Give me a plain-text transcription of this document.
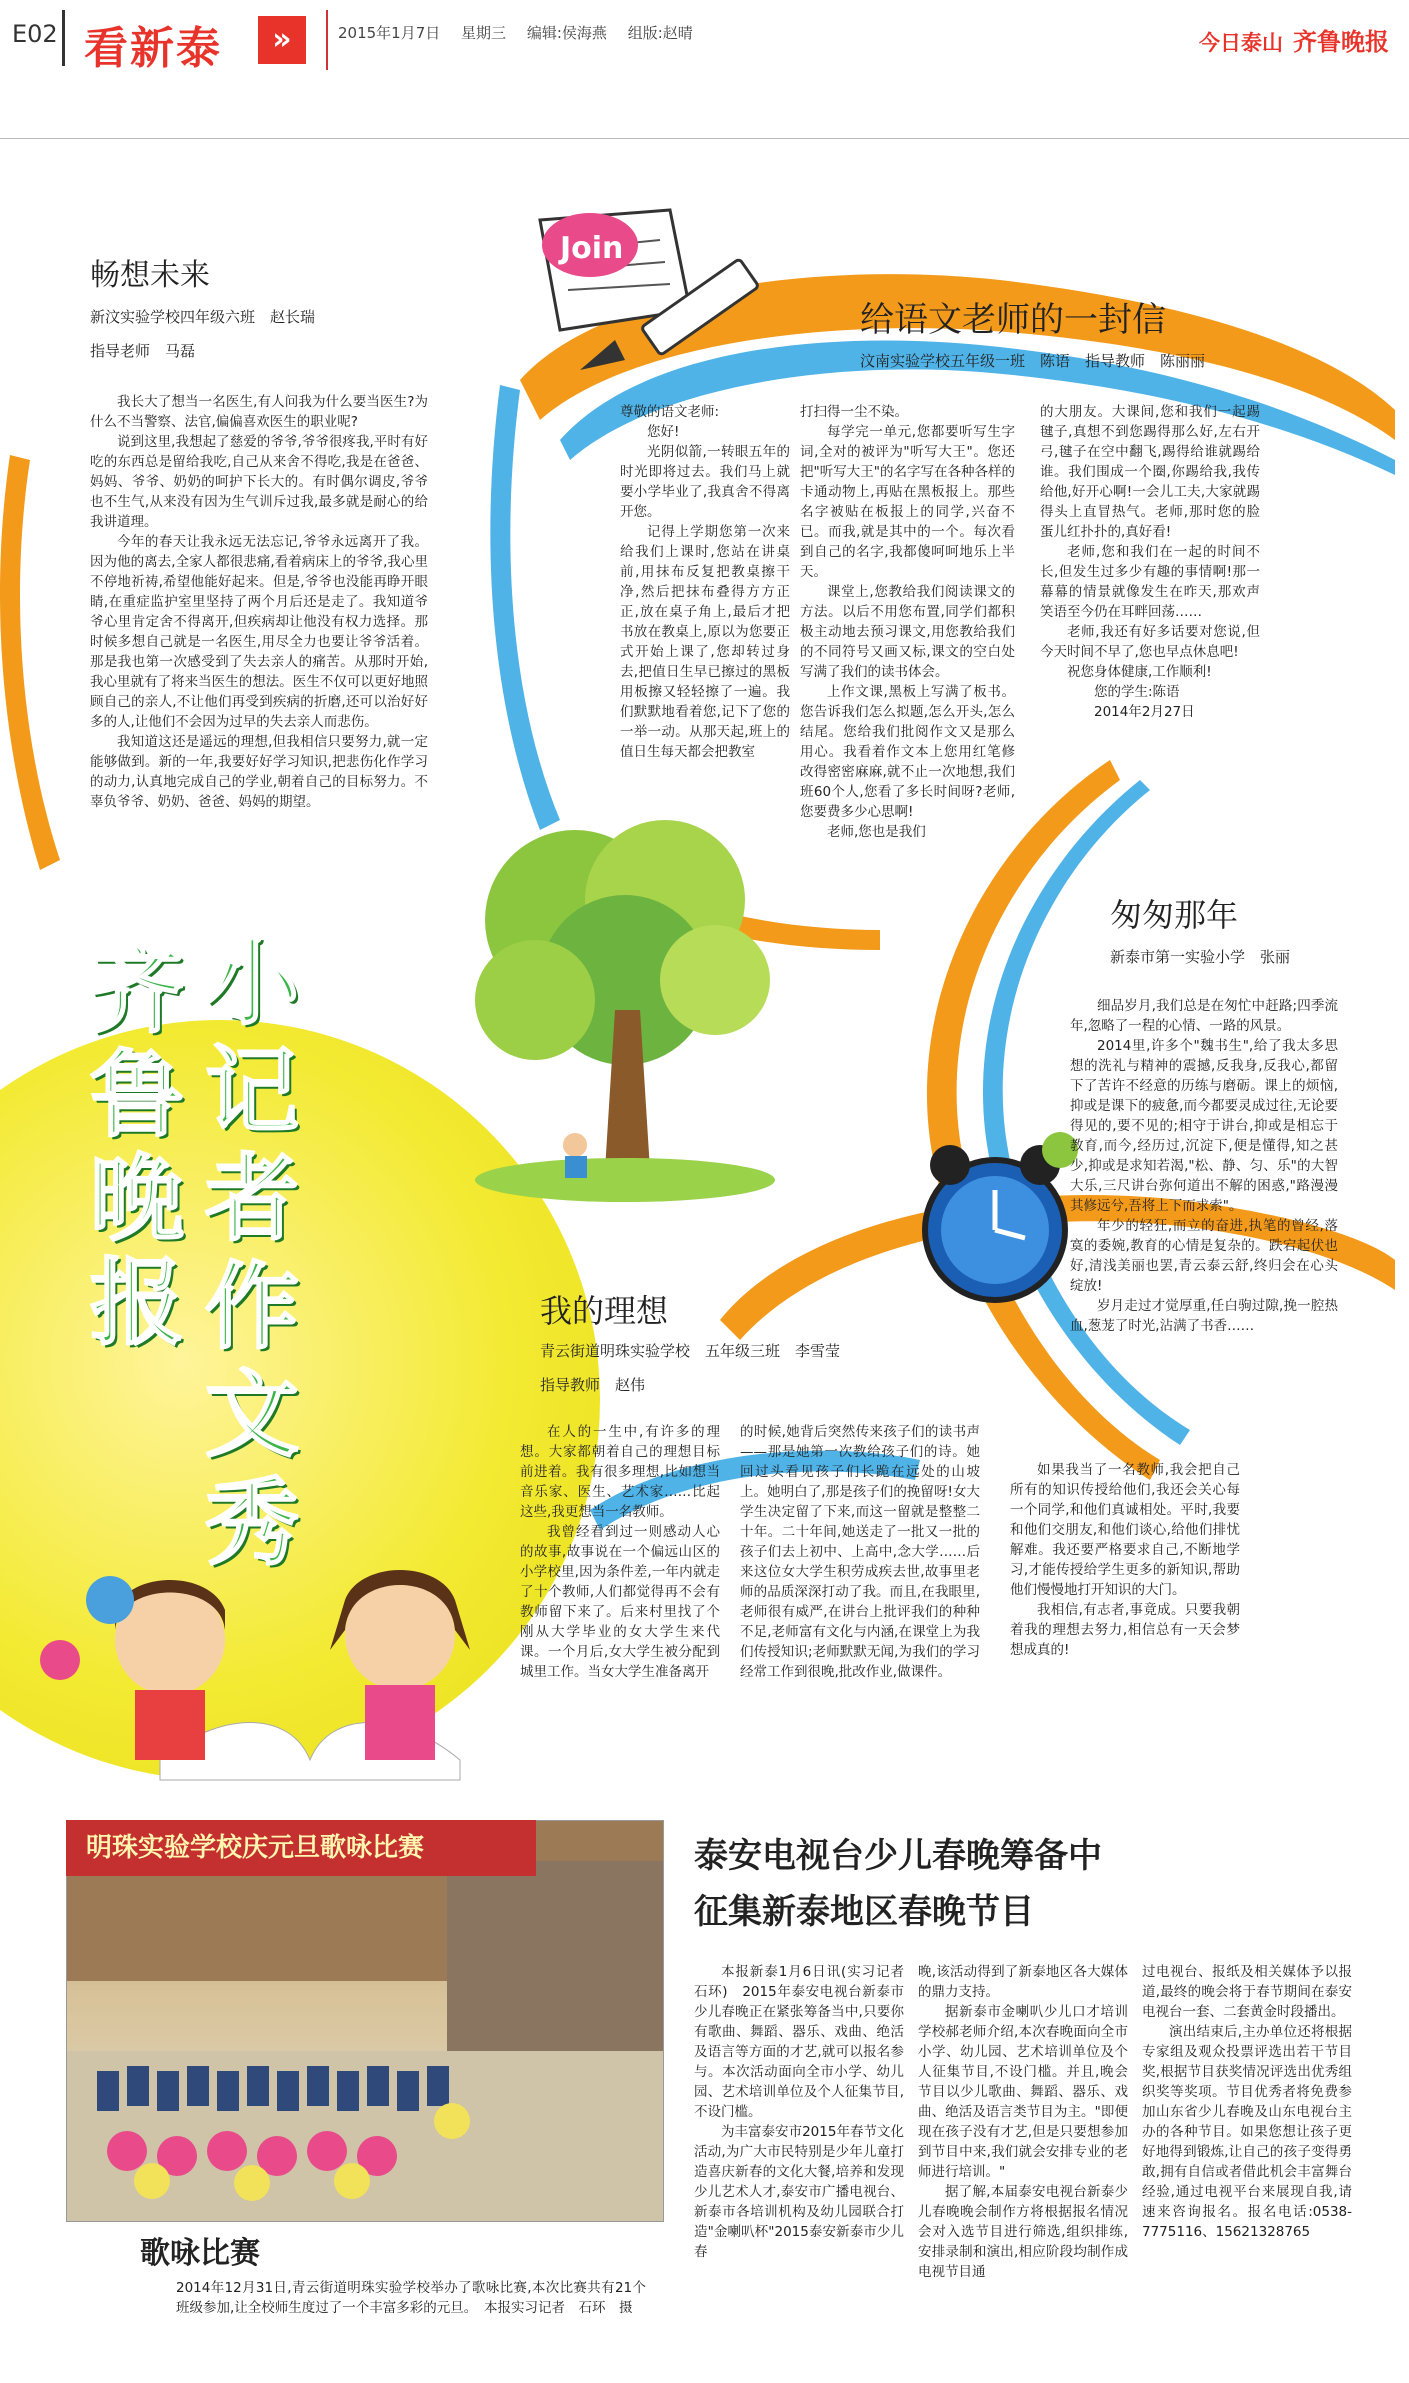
E02 看新泰	»	2015年1月7日 星期三 编辑:侯海燕 组版:赵晴	今日泰山 齐鲁晚报
Join
齐
鲁
晚
报
小
记
者
作
文
秀
畅想未来
新汶实验学校四年级六班　赵长瑞
指导老师　马磊

我长大了想当一名医生,有人问我为什么要当医生?为什么不当警察、法官,偏偏喜欢医生的职业呢?

说到这里,我想起了慈爱的爷爷,爷爷很疼我,平时有好吃的东西总是留给我吃,自己从来舍不得吃,我是在爸爸、妈妈、爷爷、奶奶的呵护下长大的。有时偶尔调皮,爷爷也不生气,从来没有因为生气训斥过我,最多就是耐心的给我讲道理。

今年的春天让我永远无法忘记,爷爷永远离开了我。因为他的离去,全家人都很悲痛,看着病床上的爷爷,我心里不停地祈祷,希望他能好起来。但是,爷爷也没能再睁开眼睛,在重症监护室里坚持了两个月后还是走了。我知道爷爷心里肯定舍不得离开,但疾病却让他没有权力选择。那时候多想自己就是一名医生,用尽全力也要让爷爷活着。那是我也第一次感受到了失去亲人的痛苦。从那时开始,我心里就有了将来当医生的想法。医生不仅可以更好地照顾自己的亲人,不让他们再受到疾病的折磨,还可以治好好多的人,让他们不会因为过早的失去亲人而悲伤。

我知道这还是遥远的理想,但我相信只要努力,就一定能够做到。新的一年,我要好好学习知识,把悲伤化作学习的动力,认真地完成自己的学业,朝着自己的目标努力。不辜负爷爷、奶奶、爸爸、妈妈的期望。

给语文老师的一封信
汶南实验学校五年级一班　陈语　指导教师　陈丽丽

尊敬的语文老师:

您好!

光阴似箭,一转眼五年的时光即将过去。我们马上就要小学毕业了,我真舍不得离开您。

记得上学期您第一次来给我们上课时,您站在讲桌前,用抹布反复把教桌擦干净,然后把抹布叠得方方正正,放在桌子角上,最后才把书放在教桌上,原以为您要正式开始上课了,您却转过身去,把值日生早已擦过的黑板用板擦又轻轻擦了一遍。我们默默地看着您,记下了您的一举一动。从那天起,班上的值日生每天都会把教室

打扫得一尘不染。

每学完一单元,您都要听写生字词,全对的被评为"听写大王"。您还把"听写大王"的名字写在各种各样的卡通动物上,再贴在黑板报上。那些名字被贴在板报上的同学,兴奋不已。而我,就是其中的一个。每次看到自己的名字,我都傻呵呵地乐上半天。

课堂上,您教给我们阅读课文的方法。以后不用您布置,同学们都积极主动地去预习课文,用您教给我们的不同符号又画又标,课文的空白处写满了我们的读书体会。

上作文课,黑板上写满了板书。您告诉我们怎么拟题,怎么开头,怎么结尾。您给我们批阅作文又是那么用心。我看着作文本上您用红笔修改得密密麻麻,就不止一次地想,我们班60个人,您看了多长时间呀?老师,您要费多少心思啊!

老师,您也是我们

的大朋友。大课间,您和我们一起踢毽子,真想不到您踢得那么好,左右开弓,毽子在空中翻飞,踢得给谁就踢给谁。我们围成一个圈,你踢给我,我传给他,好开心啊!一会儿工夫,大家就踢得头上直冒热气。老师,那时您的脸蛋儿红扑扑的,真好看!

老师,您和我们在一起的时间不长,但发生过多少有趣的事情啊!那一幕幕的情景就像发生在昨天,那欢声笑语至今仍在耳畔回荡……

老师,我还有好多话要对您说,但今天时间不早了,您也早点休息吧!

祝您身体健康,工作顺利!

您的学生:陈语

2014年2月27日

匆匆那年
新泰市第一实验小学　张丽

细品岁月,我们总是在匆忙中赶路;四季流年,忽略了一程的心情、一路的风景。

2014里,许多个"魏书生",给了我太多思想的洗礼与精神的震撼,反我身,反我心,都留下了苦许不经意的历练与磨砺。课上的烦恼,抑或是课下的疲惫,而今都要灵成过往,无论要得见的,要不见的;相守于讲台,抑或是相忘于教育,而今,经历过,沉淀下,便是懂得,知之甚少,抑或是求知若渴,"松、静、匀、乐"的大智大乐,三尺讲台弥何道出不解的困惑,"路漫漫其修远兮,吾将上下而求索"。

年少的轻狂,而立的奋进,执笔的曾经,落寞的委婉,教育的心情是复杂的。跌宕起伏也好,清浅美丽也罢,青云泰云舒,终归会在心头绽放!

岁月走过才觉厚重,任白驹过隙,挽一腔热血,葱茏了时光,沾满了书香……

我的理想
青云街道明珠实验学校　五年级三班　李雪莹
指导教师　赵伟

在人的一生中,有许多的理想。大家都朝着自己的理想目标前进着。我有很多理想,比如想当音乐家、医生、艺术家……比起这些,我更想当一名教师。

我曾经看到过一则感动人心的故事,故事说在一个偏远山区的小学校里,因为条件差,一年内就走了十个教师,人们都觉得再不会有教师留下来了。后来村里找了个刚从大学毕业的女大学生来代课。一个月后,女大学生被分配到城里工作。当女大学生准备离开

的时候,她背后突然传来孩子们的读书声——那是她第一次教给孩子们的诗。她回过头看见孩子们长跪在远处的山坡上。她明白了,那是孩子们的挽留呀!女大学生决定留了下来,而这一留就是整整二十年。二十年间,她送走了一批又一批的孩子们去上初中、上高中,念大学……后来这位女大学生积劳成疾去世,故事里老师的品质深深打动了我。而且,在我眼里,老师很有威严,在讲台上批评我们的种种不足,老师富有文化与内涵,在课堂上为我们传授知识;老师默默无闻,为我们的学习经常工作到很晚,批改作业,做课件。

如果我当了一名教师,我会把自己所有的知识传授给他们,我还会关心每一个同学,和他们真诚相处。平时,我要和他们交朋友,和他们谈心,给他们排忧解难。我还要严格要求自己,不断地学习,才能传授给学生更多的新知识,帮助他们慢慢地打开知识的大门。

我相信,有志者,事竟成。只要我朝着我的理想去努力,相信总有一天会梦想成真的!

明珠实验学校庆元旦歌咏比赛
歌咏比赛
2014年12月31日,青云街道明珠实验学校举办了歌咏比赛,本次比赛共有21个班级参加,让全校师生度过了一个丰富多彩的元旦。　本报实习记者　石环　摄
泰安电视台少儿春晚筹备中
征集新泰地区春晚节目

本报新泰1月6日讯(实习记者　石环)　2015年泰安电视台新泰市少儿春晚正在紧张筹备当中,只要你有歌曲、舞蹈、器乐、戏曲、绝活及语言等方面的才艺,就可以报名参与。本次活动面向全市小学、幼儿园、艺术培训单位及个人征集节目,不设门槛。

为丰富泰安市2015年春节文化活动,为广大市民特别是少年儿童打造喜庆新春的文化大餐,培养和发现少儿艺术人才,泰安市广播电视台、新泰市各培训机构及幼儿园联合打造"金喇叭杯"2015泰安新泰市少儿春

晚,该活动得到了新泰地区各大媒体的鼎力支持。

据新泰市金喇叭少儿口才培训学校郝老师介绍,本次春晚面向全市小学、幼儿园、艺术培训单位及个人征集节目,不设门槛。并且,晚会节目以少儿歌曲、舞蹈、器乐、戏曲、绝活及语言类节目为主。"即便现在孩子没有才艺,但是只要想参加到节目中来,我们就会安排专业的老师进行培训。"

据了解,本届泰安电视台新泰少儿春晚晚会制作方将根据报名情况会对入选节目进行筛选,组织排练,安排录制和演出,相应阶段均制作成电视节目通

过电视台、报纸及相关媒体予以报道,最终的晚会将于春节期间在泰安电视台一套、二套黄金时段播出。

演出结束后,主办单位还将根据专家组及观众投票评选出若干节目奖,根据节目获奖情况评选出优秀组织奖等奖项。节目优秀者将免费参加山东省少儿春晚及山东电视台主办的各种节目。如果您想让孩子更好地得到锻炼,让自己的孩子变得勇敢,拥有自信或者借此机会丰富舞台经验,通过电视平台来展现自我,请速来咨询报名。报名电话:0538-7775116、15621328765
